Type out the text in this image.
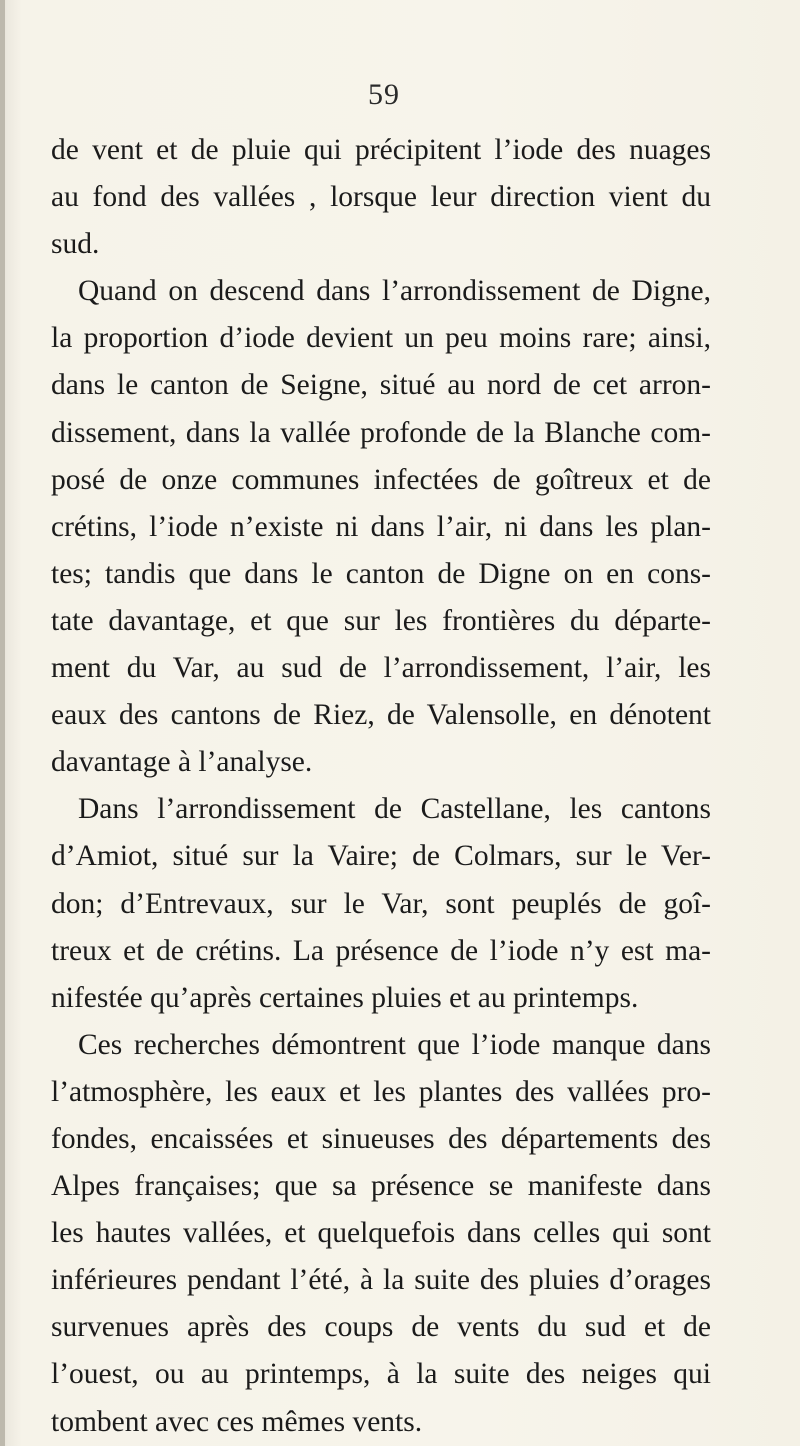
59
de vent et de pluie qui précipitent l’iode des nuages
au fond des vallées , lorsque leur direction vient du
sud.
Quand on descend dans l’arrondissement de Digne,
la proportion d’iode devient un peu moins rare; ainsi,
dans le canton de Seigne, situé au nord de cet arron-
dissement, dans la vallée profonde de la Blanche com-
posé de onze communes infectées de goîtreux et de
crétins, l’iode n’existe ni dans l’air, ni dans les plan-
tes; tandis que dans le canton de Digne on en cons-
tate davantage, et que sur les frontières du départe-
ment du Var, au sud de l’arrondissement, l’air, les
eaux des cantons de Riez, de Valensolle, en dénotent
davantage à l’analyse.
Dans l’arrondissement de Castellane, les cantons
d’Amiot, situé sur la Vaire; de Colmars, sur le Ver-
don; d’Entrevaux, sur le Var, sont peuplés de goî-
treux et de crétins. La présence de l’iode n’y est ma-
nifestée qu’après certaines pluies et au printemps.
Ces recherches démontrent que l’iode manque dans
l’atmosphère, les eaux et les plantes des vallées pro-
fondes, encaissées et sinueuses des départements des
Alpes françaises; que sa présence se manifeste dans
les hautes vallées, et quelquefois dans celles qui sont
inférieures pendant l’été, à la suite des pluies d’orages
survenues après des coups de vents du sud et de
l’ouest, ou au printemps, à la suite des neiges qui
tombent avec ces mêmes vents.
